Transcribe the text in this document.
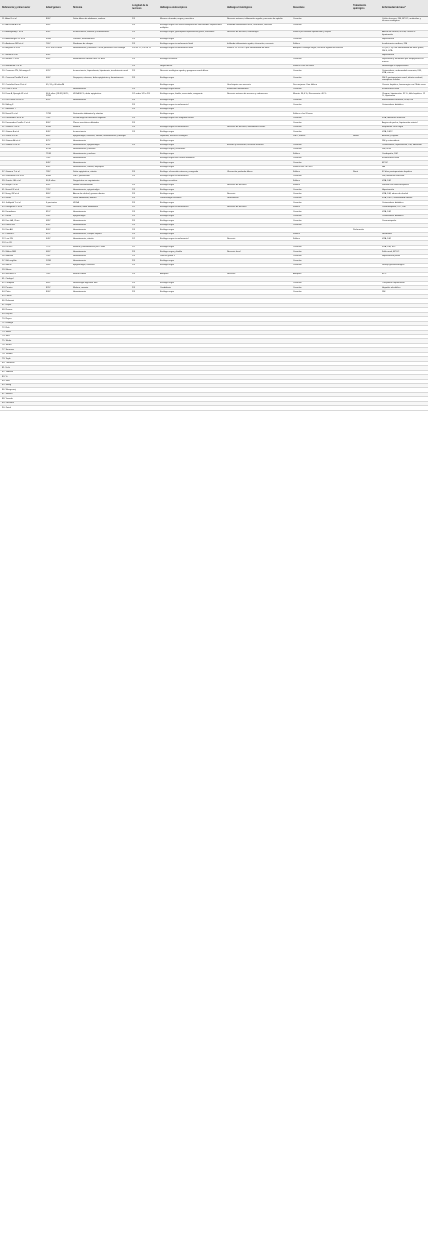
Referencia y primer autor	Edad/ género	Síntoma	Longitud de la necrosis	Hallazgos endoscópicos	Hallazgos histológicos	Desenlace	Tratamiento quirúrgico	Enfermedad de base*
11. Abed J et al	80/V	Dolor difuso de abdomen, melena	2/3	Mucosa ulcerada, negra y necrótica	Necrosis extensa, inflamación aguda y necrosis de epitelio	Curación		Colitis ulcerosa, DM, EPOC, antiácidos y úlceras esofágicas
12. Abu-Zaid A et al	46/V		2/3	Esófago negro con áreas blanquecinas intercaladas superficiales múltiples	Infiltrado inflamatorio focal, ulceración, necrosis	Curación		
13. Akinogaddy T et al	84/V	Inconsciencia, melena y hematemesis	2/3	Esófago negro, gastropatía hipertensiva grave, erosiones	Necrosis de mucosa, hemorragia	Fallece por anemia hipotensión y sepsis		Abuso de alcohol, HVDA, cirrosis e hipotensión
14. Alkenberger GL et al	60/M	Vómitos, hematemesis	1/3	Esófago negro		Curación		Hipertensión
15. Andersen MR et al	76/V	Síndrome de choque	2/3	Esófago negro circunferencial total	Infiltrado inflamatorio agudo, ulceración, necrosis	Fallece		Insuficiencia cardíaca, DM
16. Augusto F et al	62/V 40±11 años	Hematemesis y melenas. Cinco pacientes con esófago	2/3 en 17; 1/3 en 11	Esófago negro circunferencial total	Fallece 13 %-10/75 por enfermedad de base	Autopsia: esófago negro, necrosis aguda de mucosa		24 (32,2 %) con enfermedad de base grave, DM 4, HTA
17. Bahal B et al	40/V							Hipertensión
18. Barnes T et al	60/V	Melanemesis desde hace 10 días	2/3	Esófago necrótico		Curación		Septicemia y neumonía por Staphylococcus aureus
19. Bloemhoff L et al			1/3	Negro difuso		Fallece a los 48 horas		Hemorragia e hipoperfusión
20. Cameron PN, Schwager F	62/V	Inconsciencia, hipovolemia, hipotermia, insuficiencia renal	2/3	Necrosis esofágica aguda y gangrena mural difusa		Curación		Cetoacidosis, enfermedad coronaria, DM, HTA, cáncer
21. Canessa Portillo R et al	60/V	Dispepsia, náuseas, dolor epigástrico y hematemesis	2/3	Esófago negro		Curación		DM 2 postoperatorio renal, infarto cerebral, reemplazo valvular
22. Castaño-Llano R et al	65, 55 y 40 años/M			Esófago negro	Una biopsia con necrosis	Dos mejoran. Una fallece		Cirrosis hepática, hemorragia con CA de seno
23. Choi G et al		Hematemesis	2/3	Esófago negro difuso	Infiltración inflamatoria	Curación		Insuficiencia renal
24. Dam A, Sprogle W et al	66,4 años (19-91) 80/V; 32/M	HVDA 80 %, dolor epigástrico	1/2 sobre 1/3 o 2/3	Esófago negro, friable, ensuciado, sangrante	Necrosis extensa de mucosa y submucosa	Muerte: 36,4 %; Recurrencia: 40 %		Choque: hipotensión: 31 %, falla hepática: 12 %, hipotermia
25. Del Pietro GS et al	82/V	Hematemesis	2/3	Esófago negro		Curación		Enfermedad coronaria, HTA, DM
26. Edling F			2/3	Esófago negro circunferencial		Curación		Cetoacidosis diabética
27. Edwards T			2/3	Esófago negro				
28. Ezzat R et al	77/M	Distensión abdominal y vómitos		Esófago negro		Fallece a las 8 horas		
29. Fernandes JE et al	79/V	HVDA luego de anestesia regional	1/3	Esófago negro con sangrado activo		Curación		HTA, fibrilación auricular
30. Fernandes-Carrillo C et al	80/V	Placas necróticas dilatadas	2/3			Curación		Angina de pecho, hipotensión arterial
31. Gitanes J et al	85/M	Melena	1/3	Esófago negro circunferencial	Necrosis de mucosa, abundantes restos	Curación		Ibuprofeno 1600 mg/d
32. Gómez A et al	84/V	Inconsciencia	1/3	Esófago negro		Curación		HTA, DM 2
33. Grant S et al	66/V	Epigastralgia, náuseas, vómito, hematemesis y disfagia		Isquemia, necrosis esofágica		PMO, fallece	Homo	Alcohol y coyado
34. Gómez-Ali et al	87/V	Hematemesis		Esófago negro				DM y cetoacidosis
35. Gómez Li et al	63/V	Hematemesis, epigastralgia	2/3	Esófago negro	Erosión y ulceración, necrosis extensa	Curación		Cetoacidosis, hipertensión, DM, fibrilación
	87/M	Hematemesis y melena		Esófago negro y estenosis		Curación		DM, HTA
	71/M	Hematemesis y melena		Esófago negro		Fallece		Cardiopatía, DM
	70/V	Hematemesis		Esófago negro más úlcera duodenal		Curación		Insuficiencia renal
	64/V	Hematemesis		Esófago negro		Curación		EPOC
	84/V	Hematemesis, vómito, dispepsia		Esófago negro		Fallece tras 28 PMO		HA
37. Gimeno T et al	78/V	Dolor epigástrico, vómito	2/3	Esófago: ulceración extensa y sangrado	Ulceración profunda difusa	Fallece	Stent	62 días postoperatorio hepático
38. Grasowski PN et al	89/M	PMO, perforación	1/3	Esófago negro circunferencial		Curación		DM, fibrilación auricular
39. Gurvits GE et al	66,8 años	Diagnóstico en seguimiento		Esófago necrótico		Fallece		HTA, DM
40. Haiyo P et al	60/V	Hábito incrementado	2/3	Esófago negro	Necrosis de mucosa	Fallece		Suicidio con anticonceptivos
41. Hornell K et al	72/V	Hematemesis, epigastralgia	1/3	Esófago negro		Curación		Hipertensión
42. Hong JW et al	86/V	Abuso de alcohol, gramos diarios	2/3	Esófago negro	Necrosis	Curación		HTA, DM, abuso de alcohol
43. Iacob	70/V	Dolor abdominal, diarrea	2/3	Pamesófago necrótico	Granulación	Curación		HTA, DM 2, enfermedad arterial
44. Jalalpotti Y et al	4 pacientes	HVDA	2/3	Esófago negro		Curación		Cetoacidosis diabética
45. Kalogeroff C et al	76/M	Náuseas, dolor abdominal	1/2	Esófago negro circunferencial	Necrosis de mucosa	Fallece		Coronariopatía, ICC, DM
46. Karadimos	81/V	Hematemesis	1/3	Esófago negro		Curación		HTA, DM
47. Karlin	54/V	Epigastralgia	2/3	Esófago negro		Curación		Cetoacidosis diabética
48. Kee HA, Chen	48/V	Hematemesis	2/3	Esófago negro		Curación		Coronariopatía
49. Kinkel KB	44/V	Hematemesis	1/3	Esófago negro		Curación		
50. Kim AH	80/V	Hematemesis	1/3	Esófago negro			Perforación	
51. Lakhoff J	81/V	Hematemesis, choque séptico	2/3	Esófago negro		Fallece		Neumonía
52. Lee DN	64/V	Hematemesis, vómito	1/2	Esófago negro circunferencial	Necrosis	Fallece		HTA, DM
53. Lin CK								
54. Lin WC	77/V	Melena y hematemesis por 2 días	1/2	Esófago negro		Curación		HTA, DM, IRC
55. Maher MM	66/V	Hematemesis	2/3	Esófago negro y friable	Necrosis focal	Curación		Falla renal, EPOC
56. Marszal	70/V	Hematemesis	1/3	Varices grado 3		Curación		Hipertensión portal
57. McLaughlin	52/M	Hematemesis	2/3	Esófago negro		Curación		
58. Meli E	56/V	Epigastralgia, náuseas	1/3	Esófago negro		Curación		Reflujo gastroesofágico
59. Mesar								
60. Nicholas S	78/V	Muerte súbita	1/3	Autopsia	Necrosis	Autopsia		ECV
61. Ozakyol								
62. Pedapati	66/V	Hemorragia digestiva alta	2/3	Esófago negro		Curación		Trasplante hepatorrenal
63. Pereira	82/V	Melena, anemia	2/3	Candidiasis		Curación		Hepatitis alcohólica
64. Pinto	80/V	Hematemesis	2/3	Esófago negro		Curación		DM
65. Pintus								
66. Rahmani								
67. Rajan								
68. Ramos								
69. Rejchrt								
70. Reyes								
71. Rodrigo								
72. Roh								
73. Saller								
74. Sarr								
75. Shafa								
76. Shuck								
77. Soussan								
78. Takeda								
79. Tayle								
80. Thomson								
81. Uchi								
82. Vadeshi								
83. Vi								
84. Wali								
85. Wang								
86. Wongsaroj								
87. Worrell								
88. Yasuda								
89. Zacharia								
90. Zwick								
